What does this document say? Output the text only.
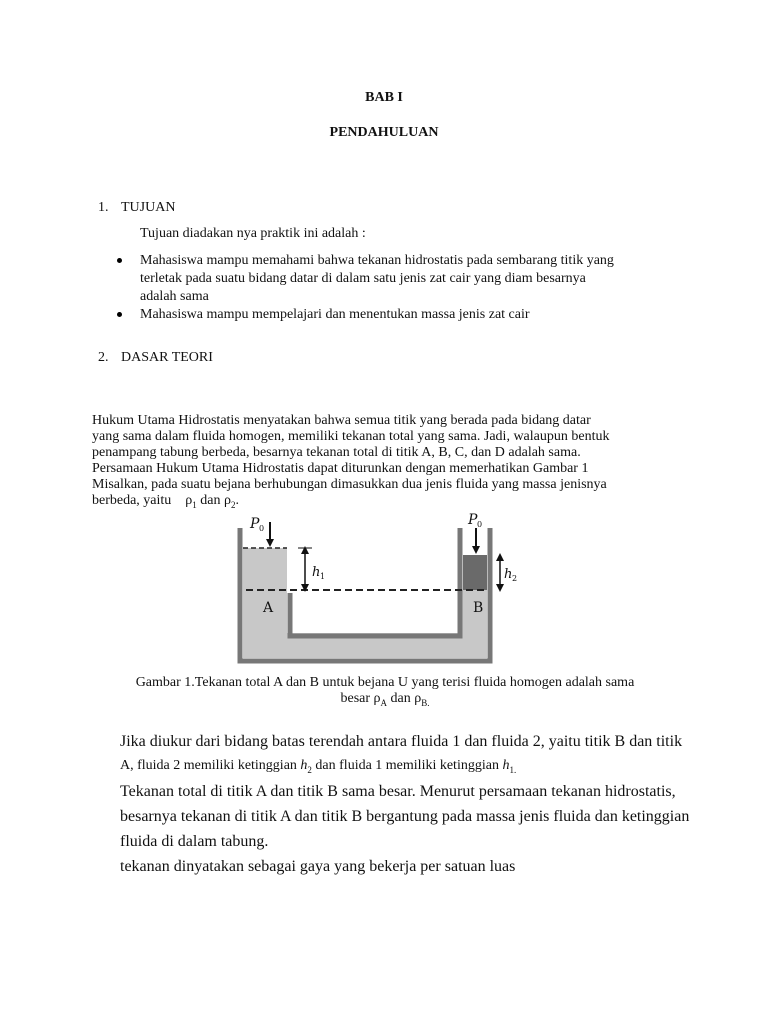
BAB I
PENDAHULUAN
1. TUJUAN
Tujuan diadakan nya praktik ini adalah :
Mahasiswa mampu memahami bahwa tekanan hidrostatis pada sembarang titik yang
terletak pada suatu bidang datar di dalam satu jenis zat cair yang diam besarnya
adalah sama
Mahasiswa mampu mempelajari dan menentukan massa jenis zat cair
2. DASAR TEORI
Hukum Utama Hidrostatis menyatakan bahwa semua titik yang berada pada bidang datar
yang sama dalam fluida homogen, memiliki tekanan total yang sama. Jadi, walaupun bentuk
penampang tabung berbeda, besarnya tekanan total di titik A, B, C, dan D adalah sama.
Persamaan Hukum Utama Hidrostatis dapat diturunkan dengan memerhatikan Gambar 1
Misalkan, pada suatu bejana berhubungan dimasukkan dua jenis fluida yang massa jenisnya
berbeda, yaitu    $\rho_1$ dan $\rho_2$.
P 0
P 0
h 1	h 2
A	B
Gambar 1.Tekanan total A dan B untuk bejana U yang terisi fluida homogen adalah sama
besar $\rho_A$ dan $\rho_{B.}$
Jika diukur dari bidang batas terendah antara fluida 1 dan fluida 2, yaitu titik B dan titik
A, fluida 2 memiliki ketinggian $h_2$ dan fluida 1 memiliki ketinggian $h_{1.}$
Tekanan total di titik A dan titik B sama besar. Menurut persamaan tekanan hidrostatis,
besarnya tekanan di titik A dan titik B bergantung pada massa jenis fluida dan ketinggian
fluida di dalam tabung.
tekanan dinyatakan sebagai gaya yang bekerja per satuan luas
